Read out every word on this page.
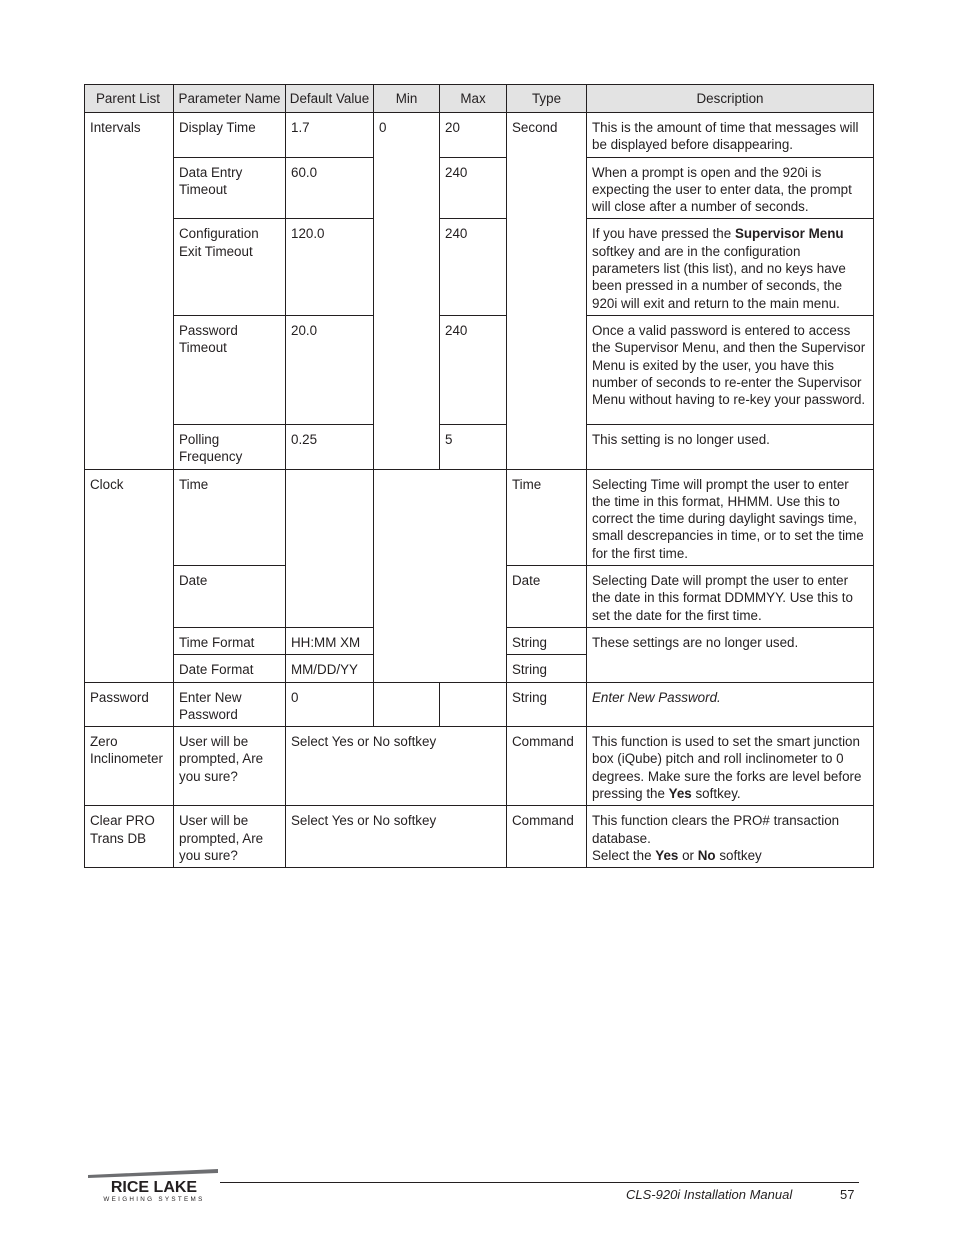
Parent List	Parameter Name	Default Value	Min	Max	Type	Description
Intervals	Display Time	1.7	0	20	Second	This is the amount of time that messages will be displayed before disappearing.
	Data Entry Timeout	60.0		240		When a prompt is open and the 920i is expecting the user to enter data, the prompt will close after a number of seconds.
	Configuration Exit Timeout	120.0		240		If you have pressed the Supervisor Menu softkey and are in the configuration parameters list (this list), and no keys have been pressed in a number of seconds, the 920i will exit and return to the main menu.
	Password Timeout	20.0		240		Once a valid password is entered to access the Supervisor Menu, and then the Supervisor Menu is exited by the user, you have this number of seconds to re-enter the Supervisor Menu without having to re-key your password.
	Polling Frequency	0.25		5		This setting is no longer used.
Clock	Time				Time	Selecting Time will prompt the user to enter the time in this format, HHMM. Use this to correct the time during daylight savings time, small descrepancies in time, or to set the time for the first time.
	Date				Date	Selecting Date will prompt the user to enter the date in this format DDMMYY. Use this to set the date for the first time.
	Time Format	HH:MM XM			String	These settings are no longer used.
	Date Format	MM/DD/YY			String	
Password	Enter New Password	0			String	Enter New Password.
Zero Inclinometer	User will be prompted, Are you sure?	Select Yes or No softkey			Command	This function is used to set the smart junction box (iQube) pitch and roll inclinometer to 0 degrees. Make sure the forks are level before pressing the Yes softkey.
Clear PRO Trans DB	User will be prompted, Are you sure?	Select Yes or No softkey			Command	This function clears the PRO# transaction database.
Select the Yes or No softkey
RICE LAKE
WEIGHING SYSTEMS	CLS-920i Installation Manual	57
